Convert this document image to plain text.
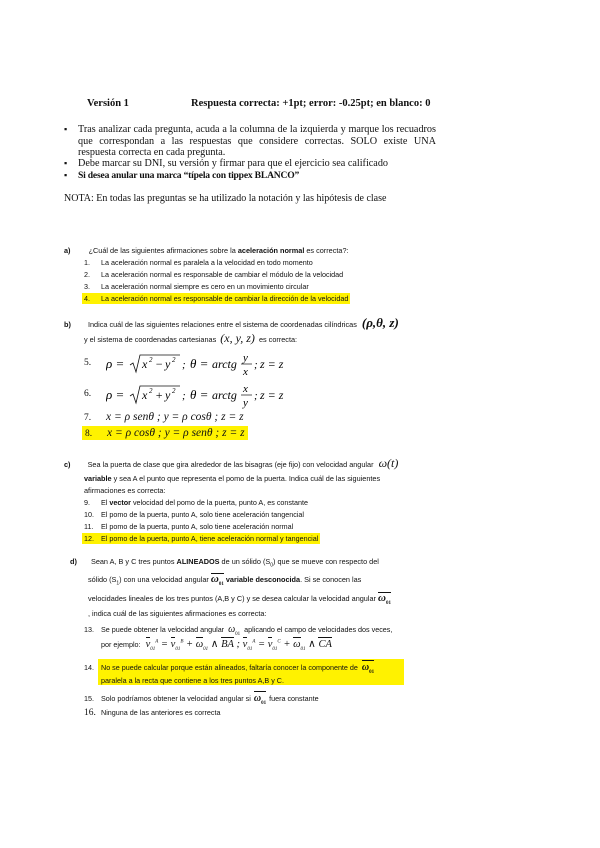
Versión 1	Respuesta correcta: +1pt; error: -0.25pt; en blanco: 0
▪ Tras analizar cada pregunta, acuda a la columna de la izquierda y marque los recuadros que correspondan a las respuestas que considere correctas. SOLO existe UNA respuesta correcta en cada pregunta.
▪ Debe marcar su DNI, su versión y firmar para que el ejercicio sea calificado
▪ Si desea anular una marca “típela con tippex BLANCO”
NOTA: En todas las preguntas se ha utilizado la notación y las hipótesis de clase
a) ¿Cuál de las siguientes afirmaciones sobre la aceleración normal es correcta?:
1. La aceleración normal es paralela a la velocidad en todo momento
2. La aceleración normal es responsable de cambiar el módulo de la velocidad
3. La aceleración normal siempre es cero en un movimiento circular
4. La aceleración normal es responsable de cambiar la dirección de la velocidad
b) Indica cuál de las siguientes relaciones entre el sistema de coordenadas cilíndricas (ρ,θ, z)
y el sistema de coordenadas cartesianas (x, y, z) es correcta:
5.	ρ = x 2 − y 2 ; θ = arctg y
x
; z = z
6.	ρ = x 2 + y 2 ; θ = arctg x
y
; z = z
7. x = ρ senθ ; y = ρ cosθ ; z = z
8. x = ρ cosθ ; y = ρ senθ ; z = z
c) Sea la puerta de clase que gira alrededor de las bisagras (eje fijo) con velocidad angular ω(t)
variable y sea A el punto que representa el pomo de la puerta. Indica cuál de las siguientes
afirmaciones es correcta:
9. El vector velocidad del pomo de la puerta, punto A, es constante
10. El pomo de la puerta, punto A, solo tiene aceleración tangencial
11. El pomo de la puerta, punto A, solo tiene aceleración normal
12. El pomo de la puerta, punto A, tiene aceleración normal y tangencial
d) Sean A, B y C tres puntos ALINEADOS de un sólido $(S_0)$ que se mueve con respecto del
sólido $(S_1)$ con una velocidad angular $\omega_{01}$ variable desconocida. Si se conocen las
velocidades lineales de los tres puntos (A,B y C) y se desea calcular la velocidad angular $\omega_{01}$
, indica cuál de las siguientes afirmaciones es correcta:
13. Se puede obtener la velocidad angular $\omega_{01}$ aplicando el campo de velocidades dos veces,
por ejemplo: $v_{01}^A = v_{01}^B + \omega_{01}$ ∧ BA ; $v_{01}^A = v_{01}^C + \omega_{01}$ ∧ CA
14. No se puede calcular porque están alineados, faltaría conocer la componente de $\omega_{01}$
paralela a la recta que contiene a los tres puntos A,B y C.
15. Solo podríamos obtener la velocidad angular si $\omega_{01}$ fuera constante
16. Ninguna de las anteriores es correcta
